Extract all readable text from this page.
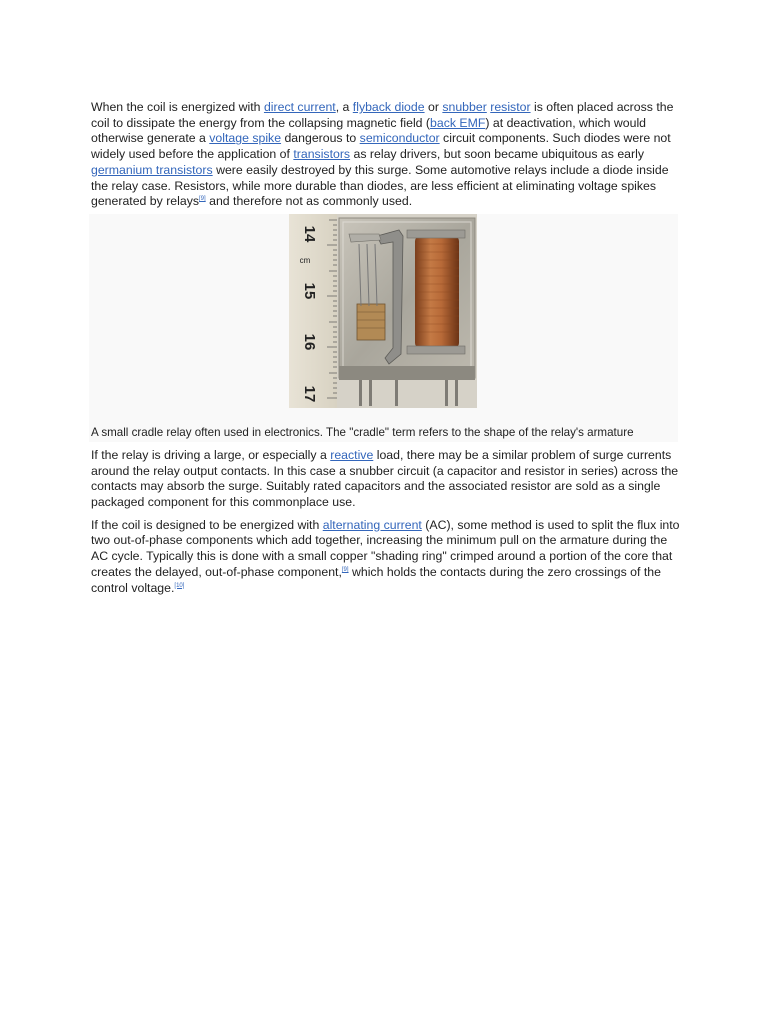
When the coil is energized with direct current, a flyback diode or snubber resistor is often placed across the coil to dissipate the energy from the collapsing magnetic field (back EMF) at deactivation, which would otherwise generate a voltage spike dangerous to semiconductor circuit components. Such diodes were not widely used before the application of transistors as relay drivers, but soon became ubiquitous as early germanium transistors were easily destroyed by this surge. Some automotive relays include a diode inside the relay case. Resistors, while more durable than diodes, are less efficient at eliminating voltage spikes generated by relays[9] and therefore not as commonly used.

14
cm
15
16
17
A small cradle relay often used in electronics. The "cradle" term refers to the shape of the relay's armature

If the relay is driving a large, or especially a reactive load, there may be a similar problem of surge currents around the relay output contacts. In this case a snubber circuit (a capacitor and resistor in series) across the contacts may absorb the surge. Suitably rated capacitors and the associated resistor are sold as a single packaged component for this commonplace use.

If the coil is designed to be energized with alternating current (AC), some method is used to split the flux into two out-of-phase components which add together, increasing the minimum pull on the armature during the AC cycle. Typically this is done with a small copper "shading ring" crimped around a portion of the core that creates the delayed, out-of-phase component,[9] which holds the contacts during the zero crossings of the control voltage.[10]
